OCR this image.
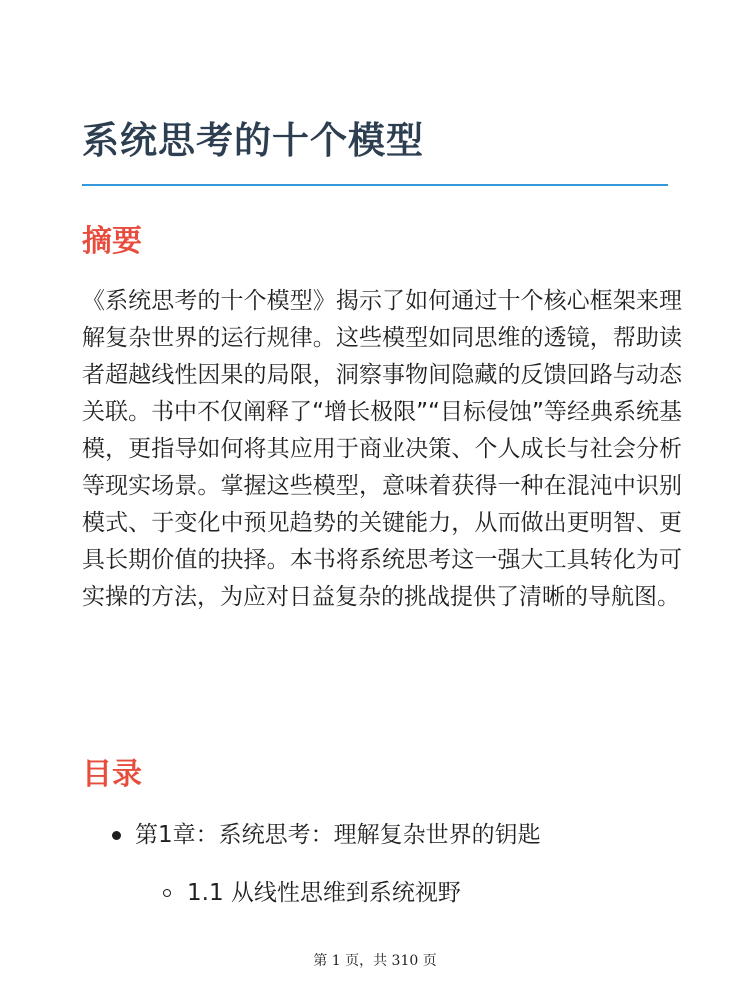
系统思考的十个模型
摘要

《系统思考的十个模型》揭示了如何通过十个核心框架来理解复杂世界的运行规律。这些模型如同思维的透镜，帮助读者超越线性因果的局限，洞察事物间隐藏的反馈回路与动态关联。书中不仅阐释了“增长极限”“目标侵蚀”等经典系统基模，更指导如何将其应用于商业决策、个人成长与社会分析等现实场景。掌握这些模型，意味着获得一种在混沌中识别模式、于变化中预见趋势的关键能力，从而做出更明智、更具长期价值的抉择。本书将系统思考这一强大工具转化为可实操的方法，为应对日益复杂的挑战提供了清晰的导航图。

目录
第1章：系统思考：理解复杂世界的钥匙
1.1 从线性思维到系统视野
第 1 页，共 310 页
